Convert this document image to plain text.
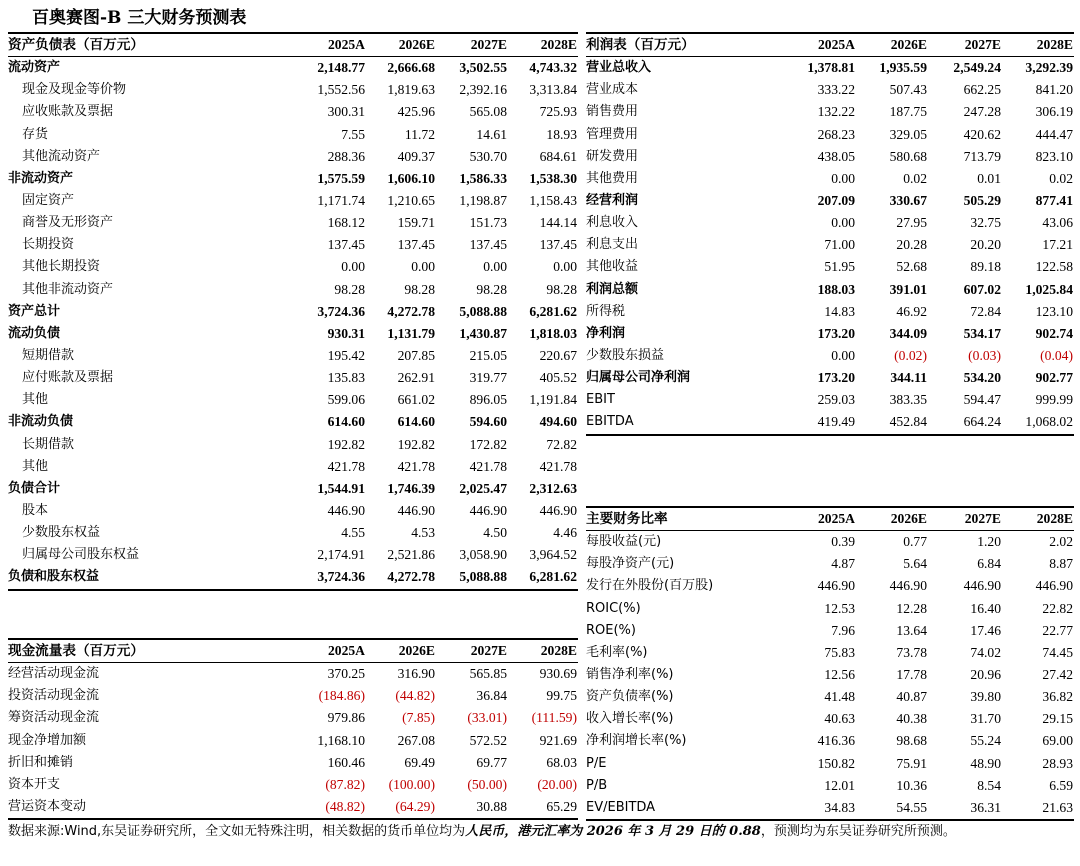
百奥赛图-B 三大财务预测表
资产负债表（百万元）	2025A	2026E	2027E	2028E
流动资产	2,148.77	2,666.68	3,502.55	4,743.32
现金及现金等价物	1,552.56	1,819.63	2,392.16	3,313.84
应收账款及票据	300.31	425.96	565.08	725.93
存货	7.55	11.72	14.61	18.93
其他流动资产	288.36	409.37	530.70	684.61
非流动资产	1,575.59	1,606.10	1,586.33	1,538.30
固定资产	1,171.74	1,210.65	1,198.87	1,158.43
商誉及无形资产	168.12	159.71	151.73	144.14
长期投资	137.45	137.45	137.45	137.45
其他长期投资	0.00	0.00	0.00	0.00
其他非流动资产	98.28	98.28	98.28	98.28
资产总计	3,724.36	4,272.78	5,088.88	6,281.62
流动负债	930.31	1,131.79	1,430.87	1,818.03
短期借款	195.42	207.85	215.05	220.67
应付账款及票据	135.83	262.91	319.77	405.52
其他	599.06	661.02	896.05	1,191.84
非流动负债	614.60	614.60	594.60	494.60
长期借款	192.82	192.82	172.82	72.82
其他	421.78	421.78	421.78	421.78
负债合计	1,544.91	1,746.39	2,025.47	2,312.63
股本	446.90	446.90	446.90	446.90
少数股东权益	4.55	4.53	4.50	4.46
归属母公司股东权益	2,174.91	2,521.86	3,058.90	3,964.52
负债和股东权益	3,724.36	4,272.78	5,088.88	6,281.62
利润表（百万元）	2025A	2026E	2027E	2028E
营业总收入	1,378.81	1,935.59	2,549.24	3,292.39
营业成本	333.22	507.43	662.25	841.20
销售费用	132.22	187.75	247.28	306.19
管理费用	268.23	329.05	420.62	444.47
研发费用	438.05	580.68	713.79	823.10
其他费用	0.00	0.02	0.01	0.02
经营利润	207.09	330.67	505.29	877.41
利息收入	0.00	27.95	32.75	43.06
利息支出	71.00	20.28	20.20	17.21
其他收益	51.95	52.68	89.18	122.58
利润总额	188.03	391.01	607.02	1,025.84
所得税	14.83	46.92	72.84	123.10
净利润	173.20	344.09	534.17	902.74
少数股东损益	0.00	(0.02)	(0.03)	(0.04)
归属母公司净利润	173.20	344.11	534.20	902.77
EBIT	259.03	383.35	594.47	999.99
EBITDA	419.49	452.84	664.24	1,068.02
主要财务比率	2025A	2026E	2027E	2028E
每股收益(元)	0.39	0.77	1.20	2.02
每股净资产(元)	4.87	5.64	6.84	8.87
发行在外股份(百万股)	446.90	446.90	446.90	446.90
ROIC(%)	12.53	12.28	16.40	22.82
ROE(%)	7.96	13.64	17.46	22.77
毛利率(%)	75.83	73.78	74.02	74.45
销售净利率(%)	12.56	17.78	20.96	27.42
资产负债率(%)	41.48	40.87	39.80	36.82
收入增长率(%)	40.63	40.38	31.70	29.15
净利润增长率(%)	416.36	98.68	55.24	69.00
P/E	150.82	75.91	48.90	28.93
P/B	12.01	10.36	8.54	6.59
EV/EBITDA	34.83	54.55	36.31	21.63
现金流量表（百万元）	2025A	2026E	2027E	2028E
经营活动现金流	370.25	316.90	565.85	930.69
投资活动现金流	(184.86)	(44.82)	36.84	99.75
筹资活动现金流	979.86	(7.85)	(33.01)	(111.59)
现金净增加额	1,168.10	267.08	572.52	921.69
折旧和摊销	160.46	69.49	69.77	68.03
资本开支	(87.82)	(100.00)	(50.00)	(20.00)
营运资本变动	(48.82)	(64.29)	30.88	65.29
数据来源:Wind,东吴证券研究所，全文如无特殊注明，相关数据的货币单位均为人民币，港元汇率为 2026 年 3 月 29 日的 0.88，预测均为东吴证券研究所预测。
